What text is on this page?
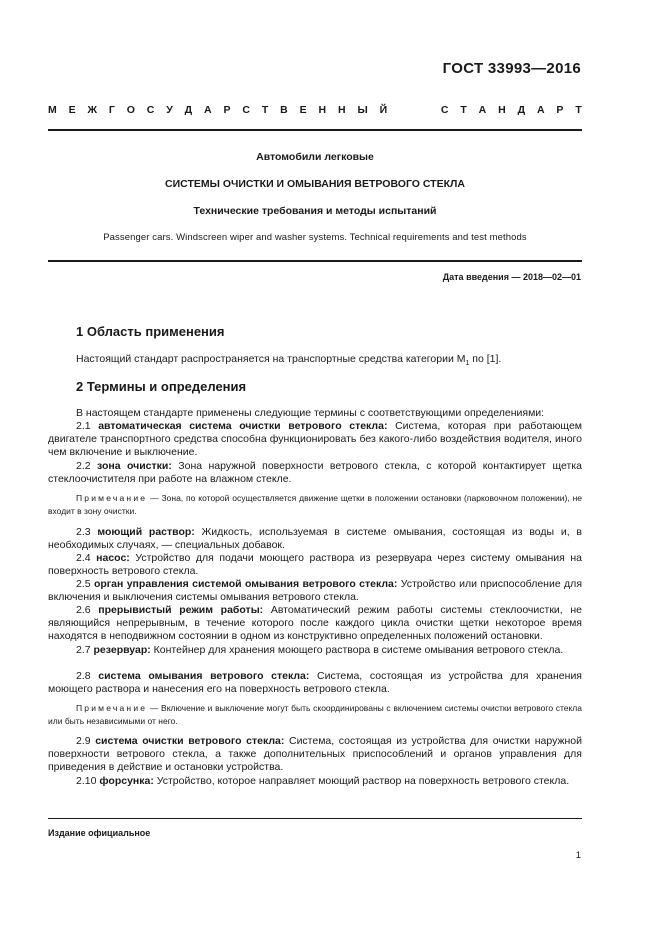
ГОСТ 33993—2016
М Е Ж Г О С У Д А Р С Т В Е Н Н Ы Й	С Т А Н Д А Р Т
Автомобили легковые
СИСТЕМЫ ОЧИСТКИ И ОМЫВАНИЯ ВЕТРОВОГО СТЕКЛА
Технические требования и методы испытаний
Passenger cars. Windscreen wiper and washer systems. Technical requirements and test methods
Дата введения — 2018—02—01
1 Область применения
Настоящий стандарт распространяется на транспортные средства категории $M_1$ по [1].
2 Термины и определения
В настоящем стандарте применены следующие термины с соответствующими определениями:
2.1 автоматическая система очистки ветрового стекла: Система, которая при работающем двигателе транспортного средства способна функционировать без какого-либо воздействия водителя, иного чем включение и выключение.
2.2 зона очистки: Зона наружной поверхности ветрового стекла, с которой контактирует щетка стеклоочистителя при работе на влажном стекле.
Примечание — Зона, по которой осуществляется движение щетки в положении остановки (парковочном положении), не входит в зону очистки.
2.3 моющий раствор: Жидкость, используемая в системе омывания, состоящая из воды и, в необходимых случаях, — специальных добавок.
2.4 насос: Устройство для подачи моющего раствора из резервуара через систему омывания на поверхность ветрового стекла.
2.5 орган управления системой омывания ветрового стекла: Устройство или приспособление для включения и выключения системы омывания ветрового стекла.
2.6 прерывистый режим работы: Автоматический режим работы системы стеклоочистки, не являющийся непрерывным, в течение которого после каждого цикла очистки щетки некоторое время находятся в неподвижном состоянии в одном из конструктивно определенных положений остановки.
2.7 резервуар: Контейнер для хранения моющего раствора в системе омывания ветрового стекла.
2.8 система омывания ветрового стекла: Система, состоящая из устройства для хранения моющего раствора и нанесения его на поверхность ветрового стекла.
Примечание — Включение и выключение могут быть скоординированы с включением системы очистки ветрового стекла или быть независимыми от него.
2.9 система очистки ветрового стекла: Система, состоящая из устройства для очистки наружной поверхности ветрового стекла, а также дополнительных приспособлений и органов управления для приведения в действие и остановки устройства.
2.10 форсунка: Устройство, которое направляет моющий раствор на поверхность ветрового стекла.
Издание официальное
1
